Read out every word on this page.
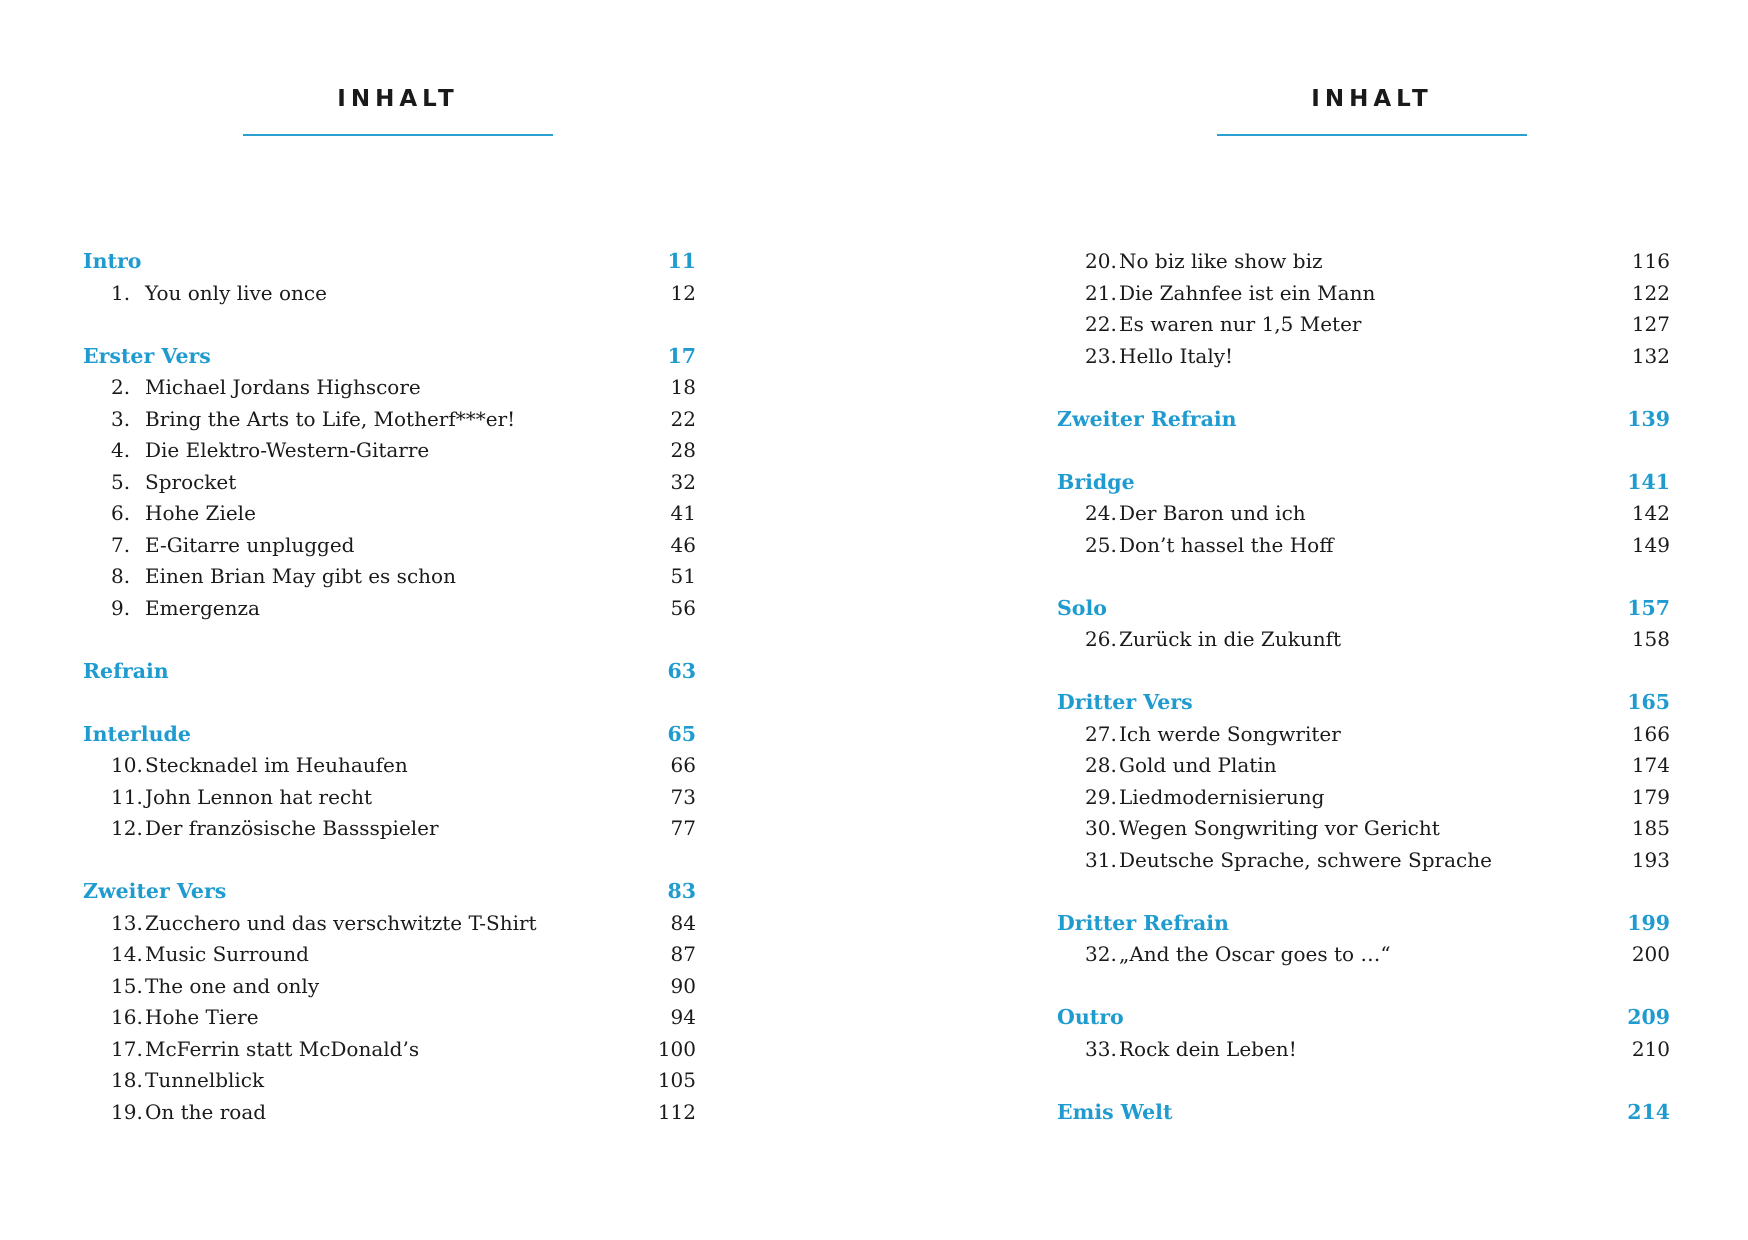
INHALT
Intro	11
1. You only live once	12
Erster Vers	17
2. Michael Jordans Highscore	18
3. Bring the Arts to Life, Motherf***er!	22
4. Die Elektro-Western-Gitarre	28
5. Sprocket	32
6. Hohe Ziele	41
7. E-Gitarre unplugged	46
8. Einen Brian May gibt es schon	51
9. Emergenza	56
Refrain	63
Interlude	65
10. Stecknadel im Heuhaufen	66
11. John Lennon hat recht	73
12. Der französische Bassspieler	77
Zweiter Vers	83
13. Zucchero und das verschwitzte T-Shirt	84
14. Music Surround	87
15. The one and only	90
16. Hohe Tiere	94
17. McFerrin statt McDonald’s	100
18. Tunnelblick	105
19. On the road	112
INHALT
20. No biz like show biz	116
21. Die Zahnfee ist ein Mann	122
22. Es waren nur 1,5 Meter	127
23. Hello Italy!	132
Zweiter Refrain	139
Bridge	141
24. Der Baron und ich	142
25. Don’t hassel the Hoff	149
Solo	157
26. Zurück in die Zukunft	158
Dritter Vers	165
27. Ich werde Songwriter	166
28. Gold und Platin	174
29. Liedmodernisierung	179
30. Wegen Songwriting vor Gericht	185
31. Deutsche Sprache, schwere Sprache	193
Dritter Refrain	199
32. „And the Oscar goes to …“	200
Outro	209
33. Rock dein Leben!	210
Emis Welt	214
